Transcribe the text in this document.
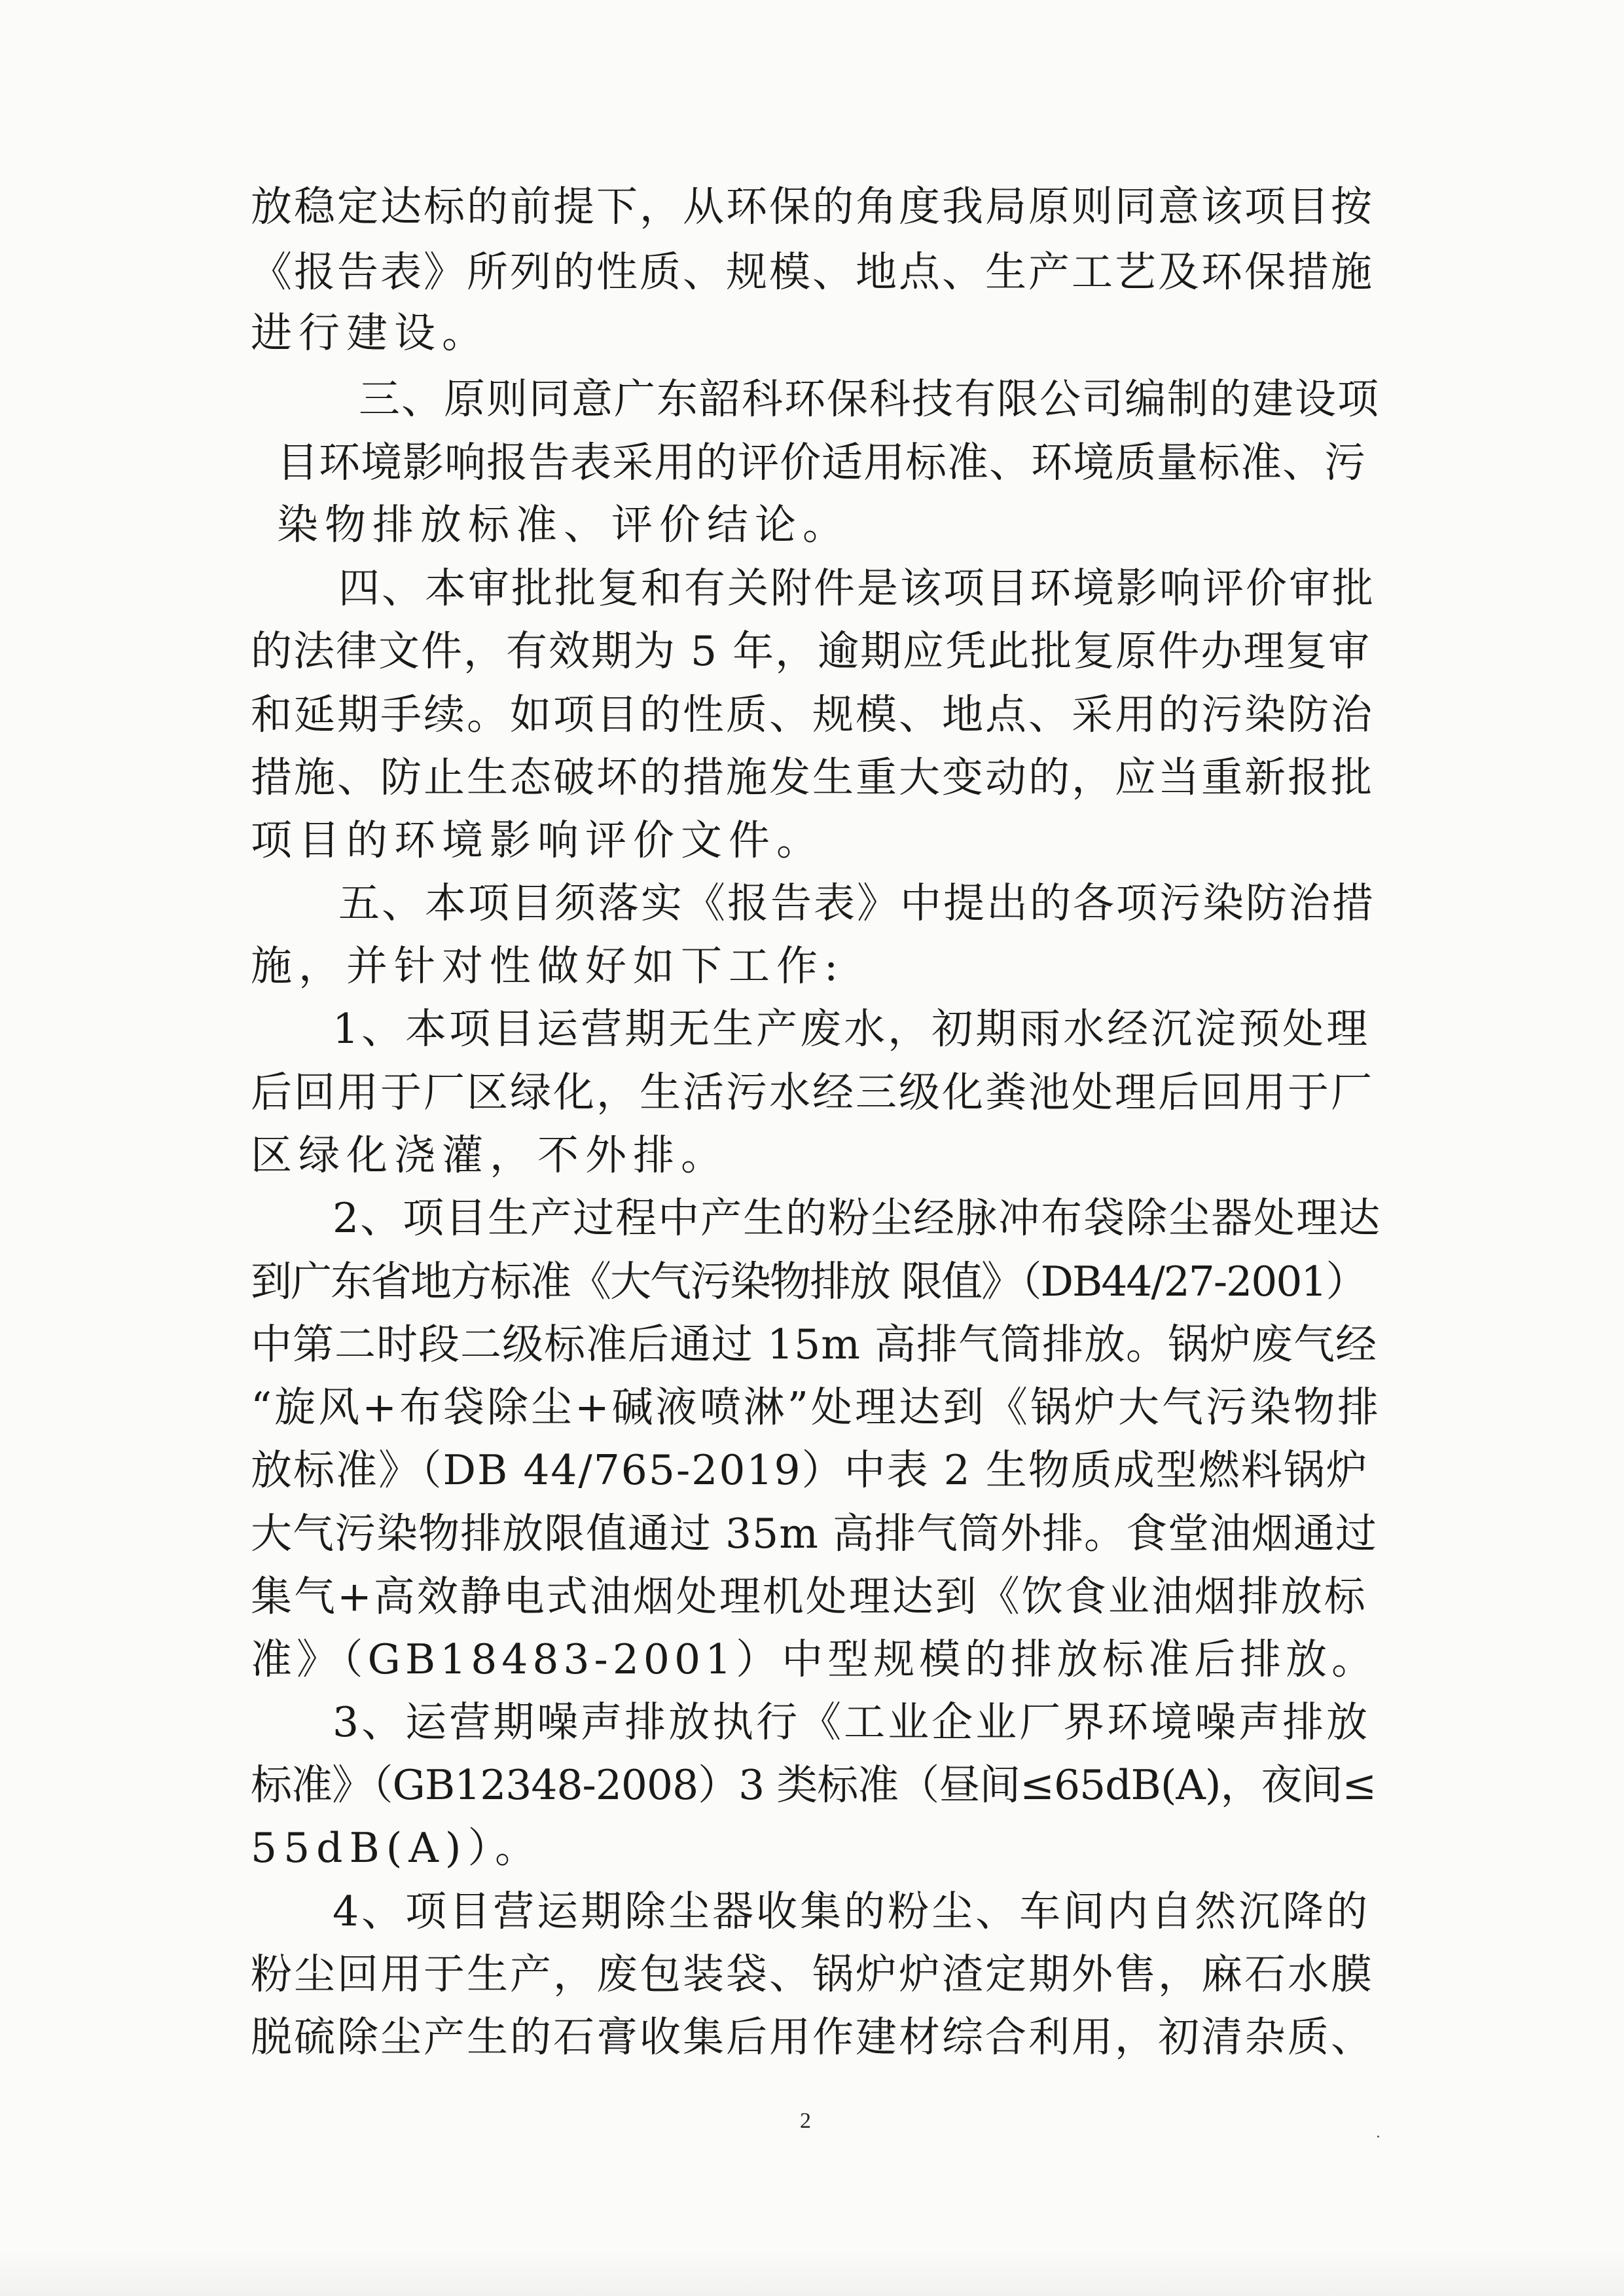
放稳定达标的前提下，从环保的角度我局原则同意该项目按

《报告表》所列的性质、规模、地点、生产工艺及环保措施

进行建设。

三、原则同意广东韶科环保科技有限公司编制的建设项

目环境影响报告表采用的评价适用标准、环境质量标准、污

染物排放标准、评价结论。

四、本审批批复和有关附件是该项目环境影响评价审批

的法律文件，有效期为 5 年，逾期应凭此批复原件办理复审

和延期手续。如项目的性质、规模、地点、采用的污染防治

措施、防止生态破坏的措施发生重大变动的，应当重新报批

项目的环境影响评价文件。

五、本项目须落实《报告表》中提出的各项污染防治措

施，并针对性做好如下工作:

1、本项目运营期无生产废水，初期雨水经沉淀预处理

后回用于厂区绿化，生活污水经三级化粪池处理后回用于厂

区绿化浇灌，不外排。

2、项目生产过程中产生的粉尘经脉冲布袋除尘器处理达

到广东省地方标准《大气污染物排放 限值》（DB44/27-2001）

中第二时段二级标准后通过 15m 高排气筒排放。锅炉废气经

“旋风+布袋除尘+碱液喷淋”处理达到《锅炉大气污染物排

放标准》（DB 44/765-2019）中表 2 生物质成型燃料锅炉

大气污染物排放限值通过 35m 高排气筒外排。食堂油烟通过

集气+高效静电式油烟处理机处理达到《饮食业油烟排放标

准》（GB18483-2001）中型规模的排放标准后排放。

3、运营期噪声排放执行《工业企业厂界环境噪声排放

标准》（GB12348-2008）3 类标准（昼间≤65dB(A)，夜间≤

55dB(A)）。

4、项目营运期除尘器收集的粉尘、车间内自然沉降的

粉尘回用于生产，废包装袋、锅炉炉渣定期外售，麻石水膜

脱硫除尘产生的石膏收集后用作建材综合利用，初清杂质、

2
